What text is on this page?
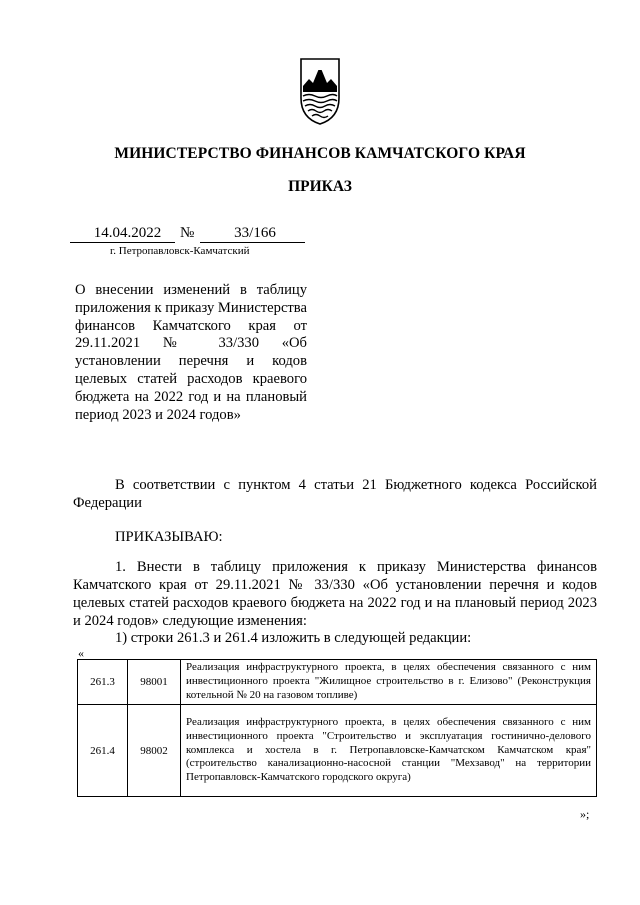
МИНИСТЕРСТВО ФИНАНСОВ КАМЧАТСКОГО КРАЯ
ПРИКАЗ
14.04.2022	№	33/166
г. Петропавловск-Камчатский
О внесении изменений в таблицу приложения к приказу Министерства финансов Камчатского края от 29.11.2021 № 33/330 «Об установлении перечня и кодов целевых статей расходов краевого бюджета на 2022 год и на плановый период 2023 и 2024 годов»
В соответствии с пунктом 4 статьи 21 Бюджетного кодекса Российской Федерации
ПРИКАЗЫВАЮ:
1. Внести в таблицу приложения к приказу Министерства финансов Камчатского края от 29.11.2021 № 33/330 «Об установлении перечня и кодов целевых статей расходов краевого бюджета на 2022 год и на плановый период 2023 и 2024 годов» следующие изменения:
1) строки 261.3 и 261.4 изложить в следующей редакции:
«
261.3	98001	Реализация инфраструктурного проекта, в целях обеспечения связанного с ним инвестиционного проекта "Жилищное строительство в г. Елизово" (Реконструкция котельной № 20 на газовом топливе)
261.4	98002	Реализация инфраструктурного проекта, в целях обеспечения связанного с ним инвестиционного проекта "Строительство и эксплуатация гостинично-делового комплекса и хостела в г. Петропавловске-Камчатском Камчатском края" (строительство канализационно-насосной станции "Мехзавод" на территории Петропавловск-Камчатского городского округа)
»;
